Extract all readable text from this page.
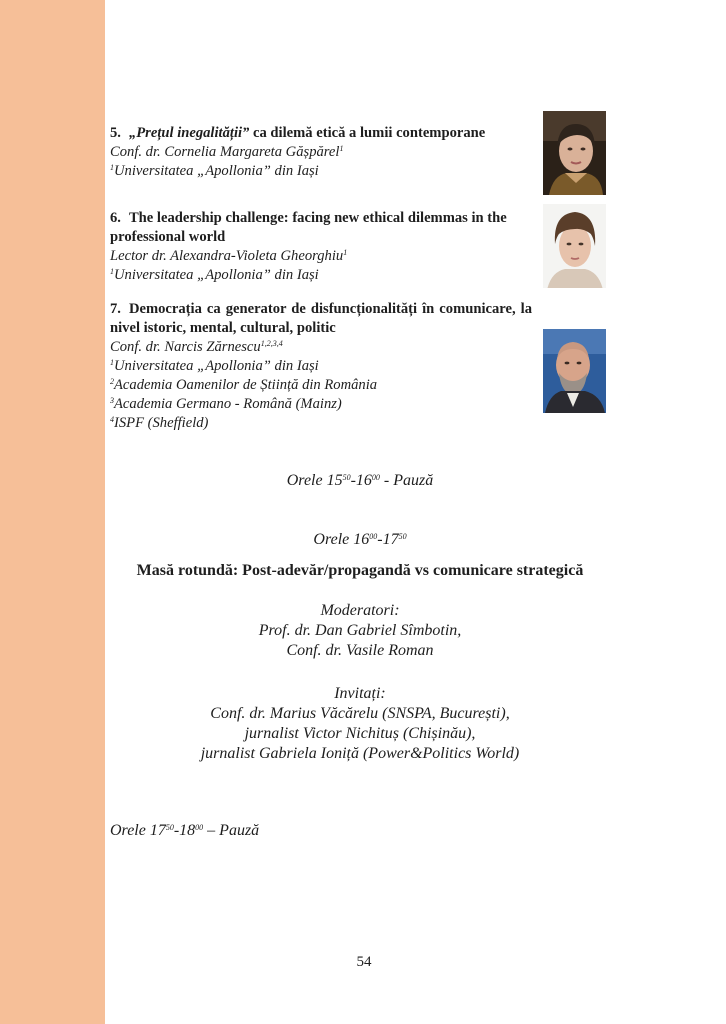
5. „Prețul inegalității” ca dilemă etică a lumii contemporane
Conf. dr. Cornelia Margareta Gășpărel$^1$
$^1$Universitatea „Apollonia” din Iași
6. The leadership challenge: facing new ethical dilemmas in the professional world
Lector dr. Alexandra-Violeta Gheorghiu$^1$
$^1$Universitatea „Apollonia” din Iași
7. Democrația ca generator de disfuncționalități în comunicare, la nivel istoric, mental, cultural, politic
Conf. dr. Narcis Zărnescu$^{1,2,3,4}$
$^1$Universitatea „Apollonia” din Iași
$^2$Academia Oamenilor de Știință din România
$^3$Academia Germano - Română (Mainz)
$^4$ISPF (Sheffield)
Orele $15^{50}-16^{00}$ - Pauză
Orele $16^{00}-17^{50}$
Masă rotundă: Post-adevăr/propagandă vs comunicare strategică
Moderatori:
Prof. dr. Dan Gabriel Sîmbotin,
Conf. dr. Vasile Roman
Invitați:
Conf. dr. Marius Văcărelu (SNSPA, București),
jurnalist Victor Nichituș (Chișinău),
jurnalist Gabriela Ioniță (Power&Politics World)
Orele $17^{50}-18^{00}$ – Pauză
54
